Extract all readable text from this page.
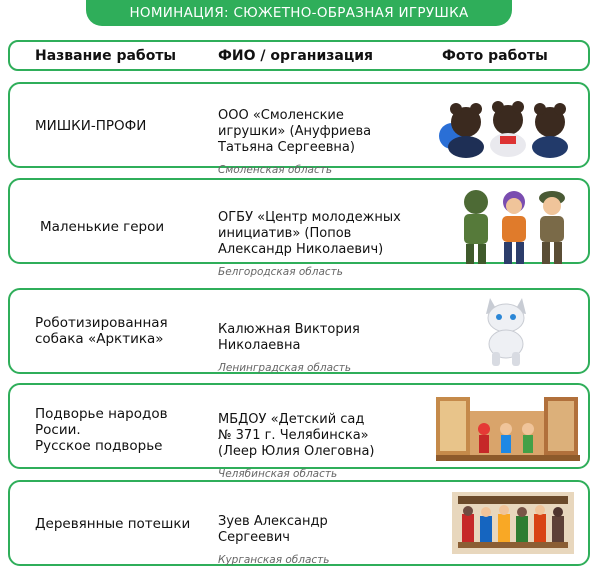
НОМИНАЦИЯ: СЮЖЕТНО-ОБРАЗНАЯ ИГРУШКА
Название работы	ФИО / организация	Фото работы
МИШКИ-ПРОФИ

ООО «Смоленские
игрушки» (Ануфриева
Татьяна Сергеевна)

Смоленская область

Маленькие герои

ОГБУ «Центр молодежных
инициатив» (Попов
Александр Николаевич)

Белгородская область

Роботизированная
собака «Арктика»

Калюжная Виктория
Николаевна

Ленинградская область

Подворье народов
Росии.
Русское подворье

МБДОУ «Детский сад
№ 371 г. Челябинска»
(Леер Юлия Олеговна)

Челябинская область

Деревянные потешки Зуев Александр
Сергеевич

Курганская область
